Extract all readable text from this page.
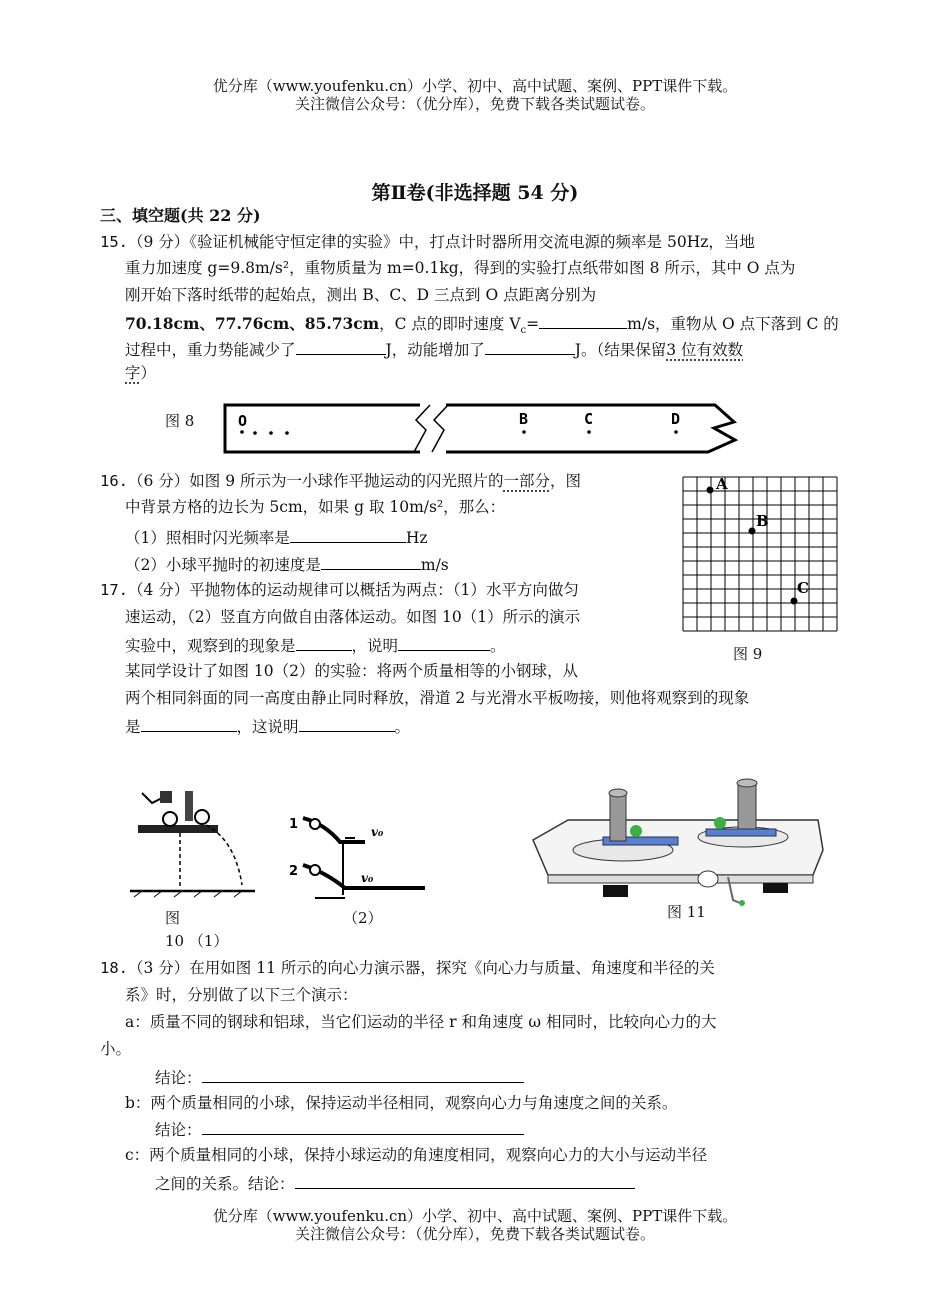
优分库（www.youfenku.cn）小学、初中、高中试题、案例、PPT课件下载。
关注微信公众号：（优分库），免费下载各类试题试卷。
第Ⅱ卷(非选择题 54 分)
三、填空题(共 22 分)
15.（9 分）《验证机械能守恒定律的实验》中，打点计时器所用交流电源的频率是 50Hz，当地
重力加速度 g=9.8m/s²，重物质量为 m=0.1kg，得到的实验打点纸带如图 8 所示，其中 O 点为
刚开始下落时纸带的起始点，测出 B、C、D 三点到 O 点距离分别为
70.18cm、77.76cm、85.73cm，C 点的即时速度 $V_c=$	m/s，重物从 O 点下落到 C 的
过程中，重力势能减少了	J，动能增加了	J。（结果保留3 位有效数
字）
图 8	O	B	C	D
16.（6 分）如图 9 所示为一小球作平抛运动的闪光照片的一部分，图
中背景方格的边长为 5cm，如果 g 取 10m/s²，那么：
（1）照相时闪光频率是	Hz
（2）小球平抛时的初速度是	m/s
A
B
C
图 9
17.（4 分）平抛物体的运动规律可以概括为两点：（1）水平方向做匀
速运动，（2）竖直方向做自由落体运动。如图 10（1）所示的演示
实验中，观察到的现象是	，说明	。
某同学设计了如图 10（2）的实验：将两个质量相等的小钢球，从
两个相同斜面的同一高度由静止同时释放，滑道 2 与光滑水平板吻接，则他将观察到的现象
是	，这说明	。
图
10 （1）
1
2
v₀
v₀
（2）	图 11
18.（3 分）在用如图 11 所示的向心力演示器，探究《向心力与质量、角速度和半径的关
系》时，分别做了以下三个演示：
a：质量不同的钢球和铝球，当它们运动的半径 r 和角速度 ω 相同时，比较向心力的大
小。
结论：
b：两个质量相同的小球，保持运动半径相同，观察向心力与角速度之间的关系。
结论：
c：两个质量相同的小球，保持小球运动的角速度相同，观察向心力的大小与运动半径
之间的关系。结论：
优分库（www.youfenku.cn）小学、初中、高中试题、案例、PPT课件下载。
关注微信公众号：（优分库），免费下载各类试题试卷。
